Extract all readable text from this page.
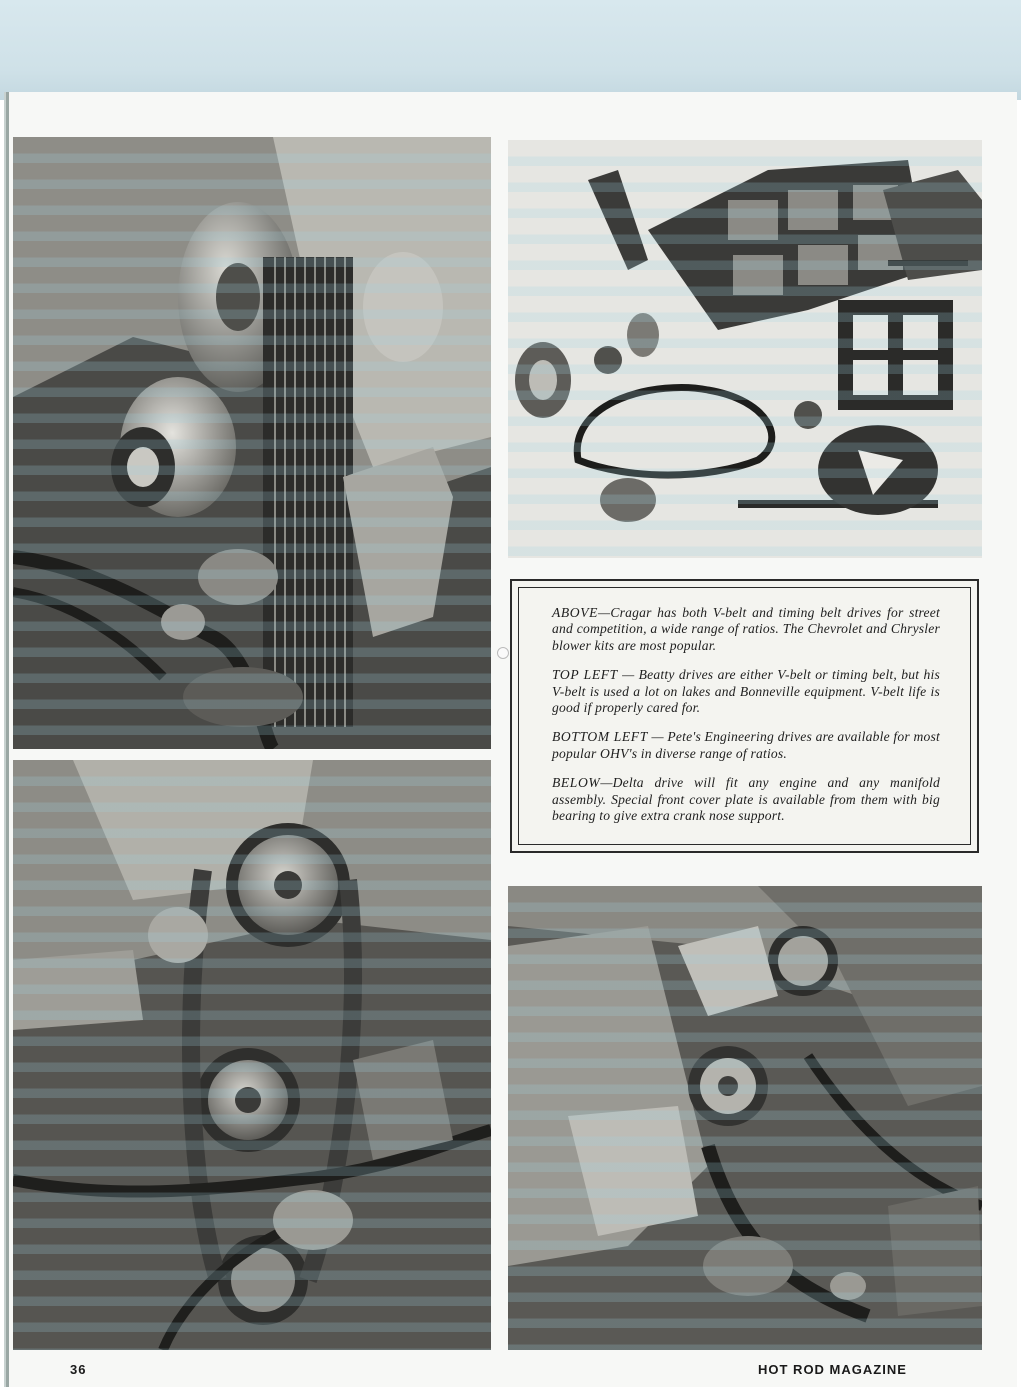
ABOVE—Cragar has both V-belt and timing belt drives for street and competition, a wide range of ratios. The Chevrolet and Chrysler blower kits are most popular.

TOP LEFT — Beatty drives are either V-belt or timing belt, but his V-belt is used a lot on lakes and Bonneville equipment. V-belt life is good if properly cared for.

BOTTOM LEFT — Pete's Engineering drives are available for most popular OHV's in diverse range of ratios.

BELOW—Delta drive will fit any engine and any manifold assembly. Special front cover plate is available from them with big bearing to give extra crank nose support.

36	HOT ROD MAGAZINE
